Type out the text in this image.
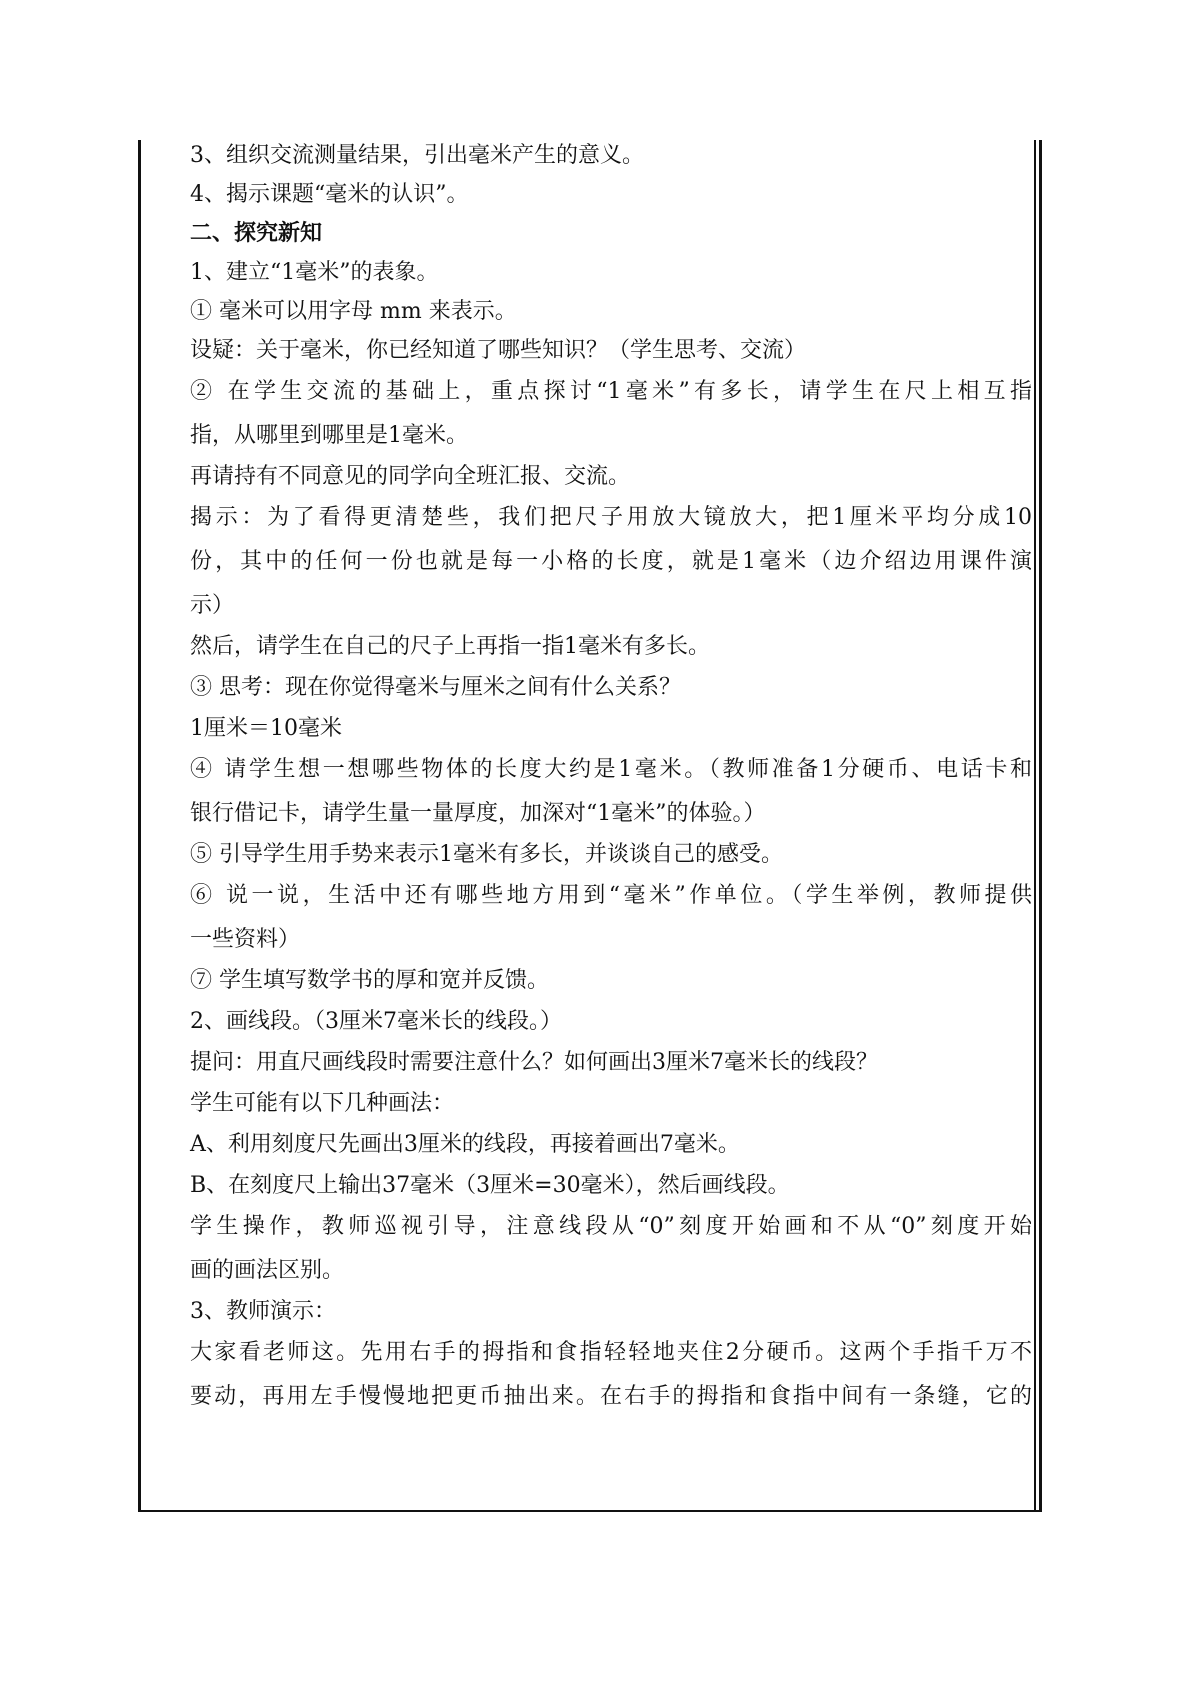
3、组织交流测量结果，引出毫米产生的意义。
4、揭示课题“毫米的认识”。
二、探究新知
1、建立“1毫米”的表象。
① 毫米可以用字母 mm 来表示。
设疑：关于毫米，你已经知道了哪些知识？（学生思考、交流）
② 在学生交流的基础上，重点探讨“1毫米”有多长，请学生在尺上相互指
指，从哪里到哪里是1毫米。
再请持有不同意见的同学向全班汇报、交流。
揭示：为了看得更清楚些，我们把尺子用放大镜放大，把1厘米平均分成10
份，其中的任何一份也就是每一小格的长度，就是1毫米（边介绍边用课件演
示）
然后，请学生在自己的尺子上再指一指1毫米有多长。
③ 思考：现在你觉得毫米与厘米之间有什么关系？
1厘米＝10毫米
④ 请学生想一想哪些物体的长度大约是1毫米。（教师准备1分硬币、电话卡和
银行借记卡，请学生量一量厚度，加深对“1毫米”的体验。）
⑤ 引导学生用手势来表示1毫米有多长，并谈谈自己的感受。
⑥ 说一说，生活中还有哪些地方用到“毫米”作单位。（学生举例，教师提供
一些资料）
⑦ 学生填写数学书的厚和宽并反馈。
2、画线段。（3厘米7毫米长的线段。）
提问：用直尺画线段时需要注意什么？如何画出3厘米7毫米长的线段？
学生可能有以下几种画法：
A、利用刻度尺先画出3厘米的线段，再接着画出7毫米。
B、在刻度尺上输出37毫米（3厘米=30毫米），然后画线段。
学生操作，教师巡视引导，注意线段从“0”刻度开始画和不从“0”刻度开始
画的画法区别。
3、教师演示：
大家看老师这。先用右手的拇指和食指轻轻地夹住2分硬币。这两个手指千万不
要动，再用左手慢慢地把更币抽出来。在右手的拇指和食指中间有一条缝，它的
